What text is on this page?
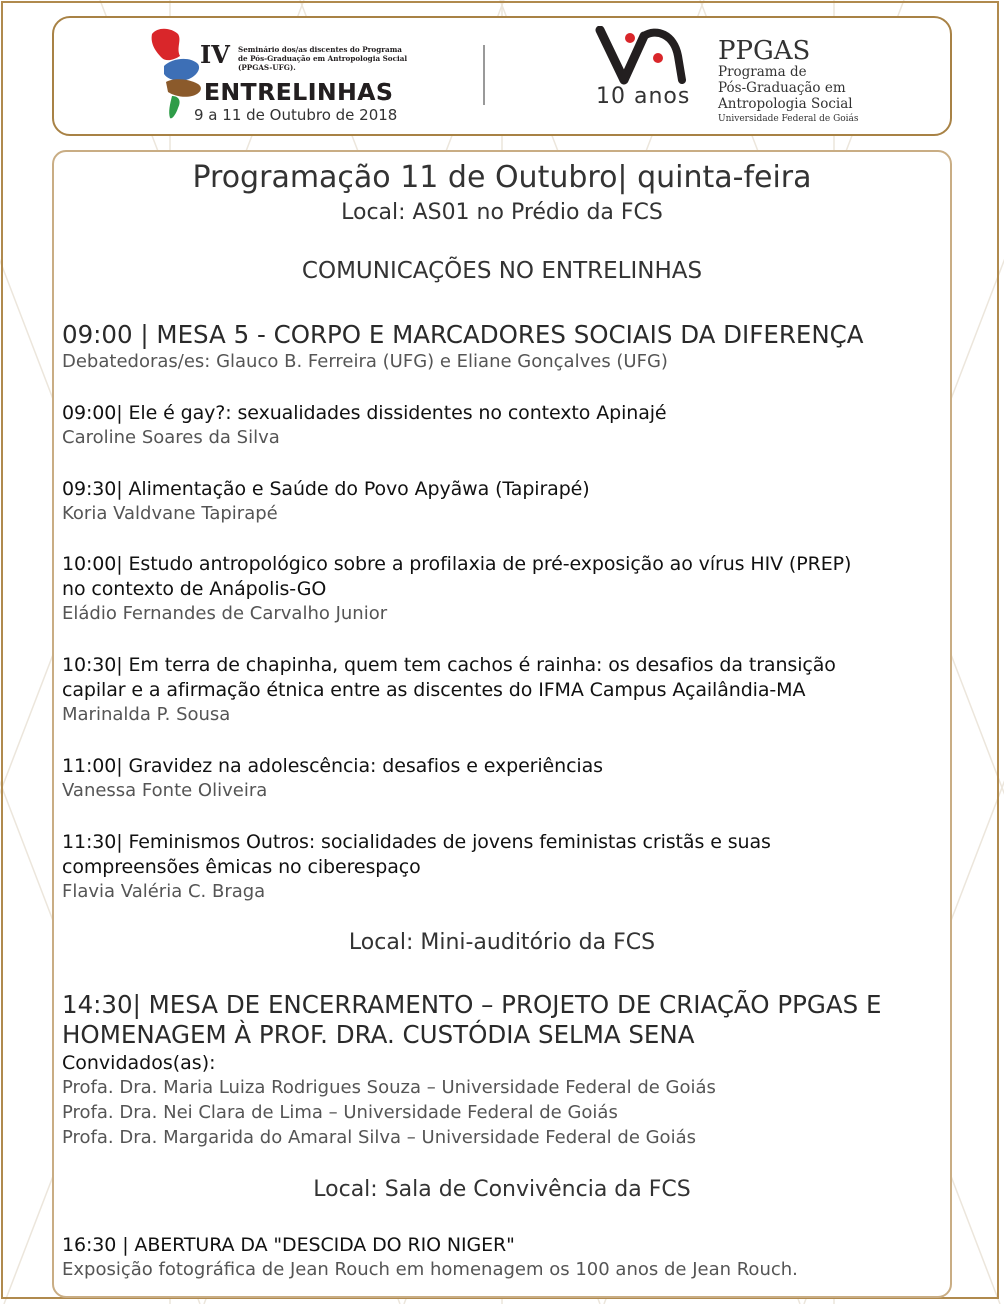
IV Seminário dos/as discentes do Programa
de Pós-Graduação em Antropologia Social
(PPGAS-UFG).

ENTRELINHAS

9 a 11 de Outubro de 2018

10 anos

PPGAS

Programa de

Pós-Graduação em

Antropologia Social

Universidade Federal de Goiás

Programação 11 de Outubro| quinta-feira

Local: AS01 no Prédio da FCS

COMUNICAÇÕES NO ENTRELINHAS

09:00 | MESA 5 - CORPO E MARCADORES SOCIAIS DA DIFERENÇA

Debatedoras/es: Glauco B. Ferreira (UFG) e Eliane Gonçalves (UFG)

09:00| Ele é gay?: sexualidades dissidentes no contexto Apinajé

Caroline Soares da Silva

09:30| Alimentação e Saúde do Povo Apyãwa (Tapirapé)

Koria Valdvane Tapirapé

10:00| Estudo antropológico sobre a profilaxia de pré-exposição ao vírus HIV (PREP)

no contexto de Anápolis-GO

Eládio Fernandes de Carvalho Junior

10:30| Em terra de chapinha, quem tem cachos é rainha: os desafios da transição

capilar e a afirmação étnica entre as discentes do IFMA Campus Açailândia-MA

Marinalda P. Sousa

11:00| Gravidez na adolescência: desafios e experiências

Vanessa Fonte Oliveira

11:30| Feminismos Outros: socialidades de jovens feministas cristãs e suas

compreensões êmicas no ciberespaço

Flavia Valéria C. Braga

Local: Mini-auditório da FCS

14:30| MESA DE ENCERRAMENTO – PROJETO DE CRIAÇÃO PPGAS E

HOMENAGEM À PROF. DRA. CUSTÓDIA SELMA SENA

Convidados(as):

Profa. Dra. Maria Luiza Rodrigues Souza – Universidade Federal de Goiás

Profa. Dra. Nei Clara de Lima – Universidade Federal de Goiás

Profa. Dra. Margarida do Amaral Silva – Universidade Federal de Goiás

Local: Sala de Convivência da FCS

16:30 | ABERTURA DA "DESCIDA DO RIO NIGER"

Exposição fotográfica de Jean Rouch em homenagem os 100 anos de Jean Rouch.
